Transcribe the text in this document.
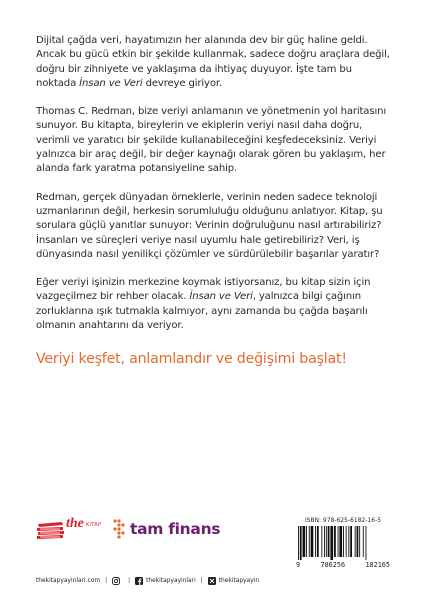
Dijital çağda veri, hayatımızın her alanında dev bir güç haline geldi. Ancak bu gücü etkin bir şekilde kullanmak, sadece doğru araçlara değil, doğru bir zihniyete ve yaklaşıma da ihtiyaç duyuyor. İşte tam bu noktada İnsan ve Veri devreye giriyor.

Thomas C. Redman, bize veriyi anlamanın ve yönetmenin yol haritasını sunuyor. Bu kitapta, bireylerin ve ekiplerin veriyi nasıl daha doğru, verimli ve yaratıcı bir şekilde kullanabileceğini keşfedeceksiniz. Veriyi yalnızca bir araç değil, bir değer kaynağı olarak gören bu yaklaşım, her alanda fark yaratma potansiyeline sahip.

Redman, gerçek dünyadan örneklerle, verinin neden sadece teknoloji uzmanlarının değil, herkesin sorumluluğu olduğunu anlatıyor. Kitap, şu sorulara güçlü yanıtlar sunuyor: Verinin doğruluğunu nasıl artırabiliriz? İnsanları ve süreçleri veriye nasıl uyumlu hale getirebiliriz? Veri, iş dünyasında nasıl yenilikçi çözümler ve sürdürülebilir başarılar yaratır?

Eğer veriyi işinizin merkezine koymak istiyorsanız, bu kitap sizin için vazgeçilmez bir rehber olacak. İnsan ve Veri, yalnızca bilgi çağının zorluklarına ışık tutmakla kalmıyor, aynı zamanda bu çağda başarılı olmanın anahtarını da veriyor.

Veriyi keşfet, anlamlandır ve değişimi başlat!
the KiTAP tam finans	ISBN: 978-625-6182-16-5
9	786256	182165
thekitapyayinlari.com |	|	thekitapyayinlari |	thekitapyayin
